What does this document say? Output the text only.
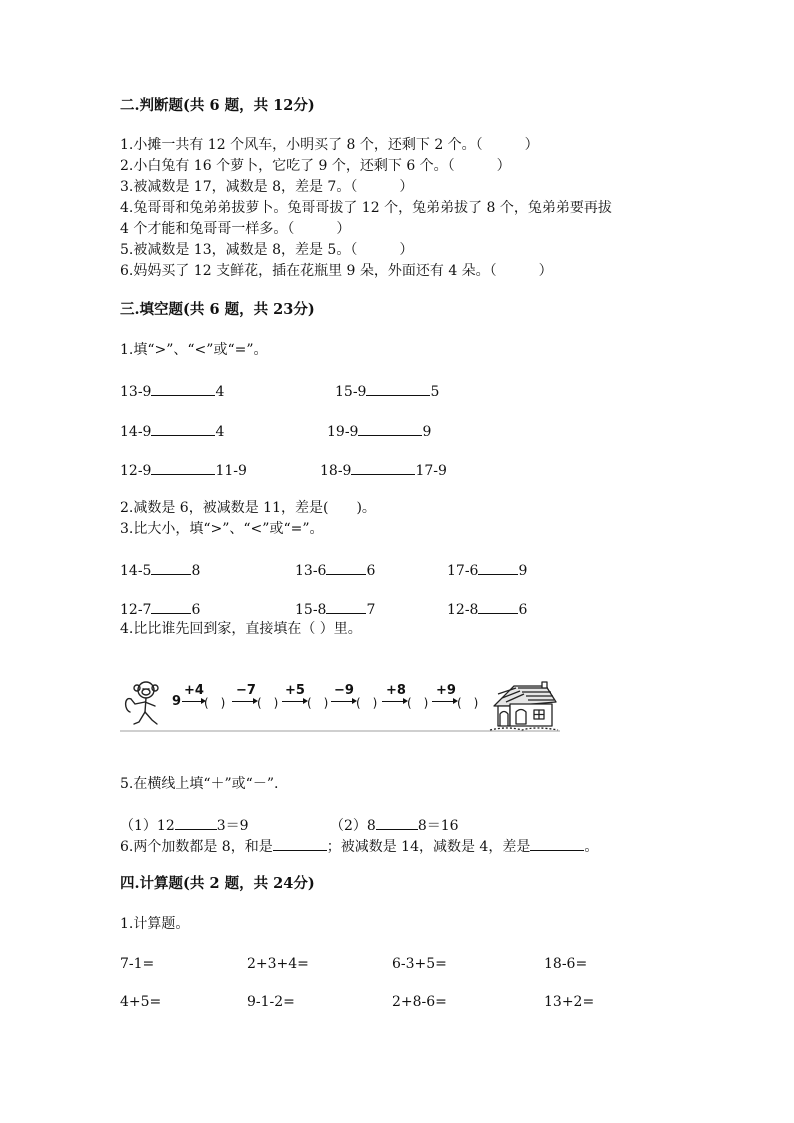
二.判断题(共 6 题，共 12分)
1.小摊一共有 12 个风车，小明买了 8 个，还剩下 2 个。（　　　）
2.小白兔有 16 个萝卜，它吃了 9 个，还剩下 6 个。（　　　）
3.被减数是 17，减数是 8，差是 7。（　　　）
4.兔哥哥和兔弟弟拔萝卜。兔哥哥拔了 12 个，兔弟弟拔了 8 个，兔弟弟要再拔
4 个才能和兔哥哥一样多。（　　　）
5.被减数是 13，减数是 8，差是 5。（　　　）
6.妈妈买了 12 支鲜花，插在花瓶里 9 朵，外面还有 4 朵。（　　　）
三.填空题(共 6 题，共 23分)
1.填“>”、“<”或“=”。
13-9	4	15-9	5
14-9	4	19-9	9
12-9	11-9	18-9	17-9
2.减数是 6，被减数是 11，差是(　　)。
3.比大小，填“>”、“<”或“=”。
14-5	8	13-6	6	17-6	9
12-7	6	15-8	7	12-8	6
4.比比谁先回到家，直接填在（ ）里。
9
+4
(　)
−7
(　)
+5
(　)
−9
(　)
+8
(　)
+9
(　)
5.在横线上填“＋”或“－”.
（1）12	3＝9	（2）8	8＝16
6.两个加数都是 8，和是	；被减数是 14，减数是 4，差是	。
四.计算题(共 2 题，共 24分)
1.计算题。
7-1=	2+3+4=	6-3+5=	18-6=
4+5=	9-1-2=	2+8-6=	13+2=
